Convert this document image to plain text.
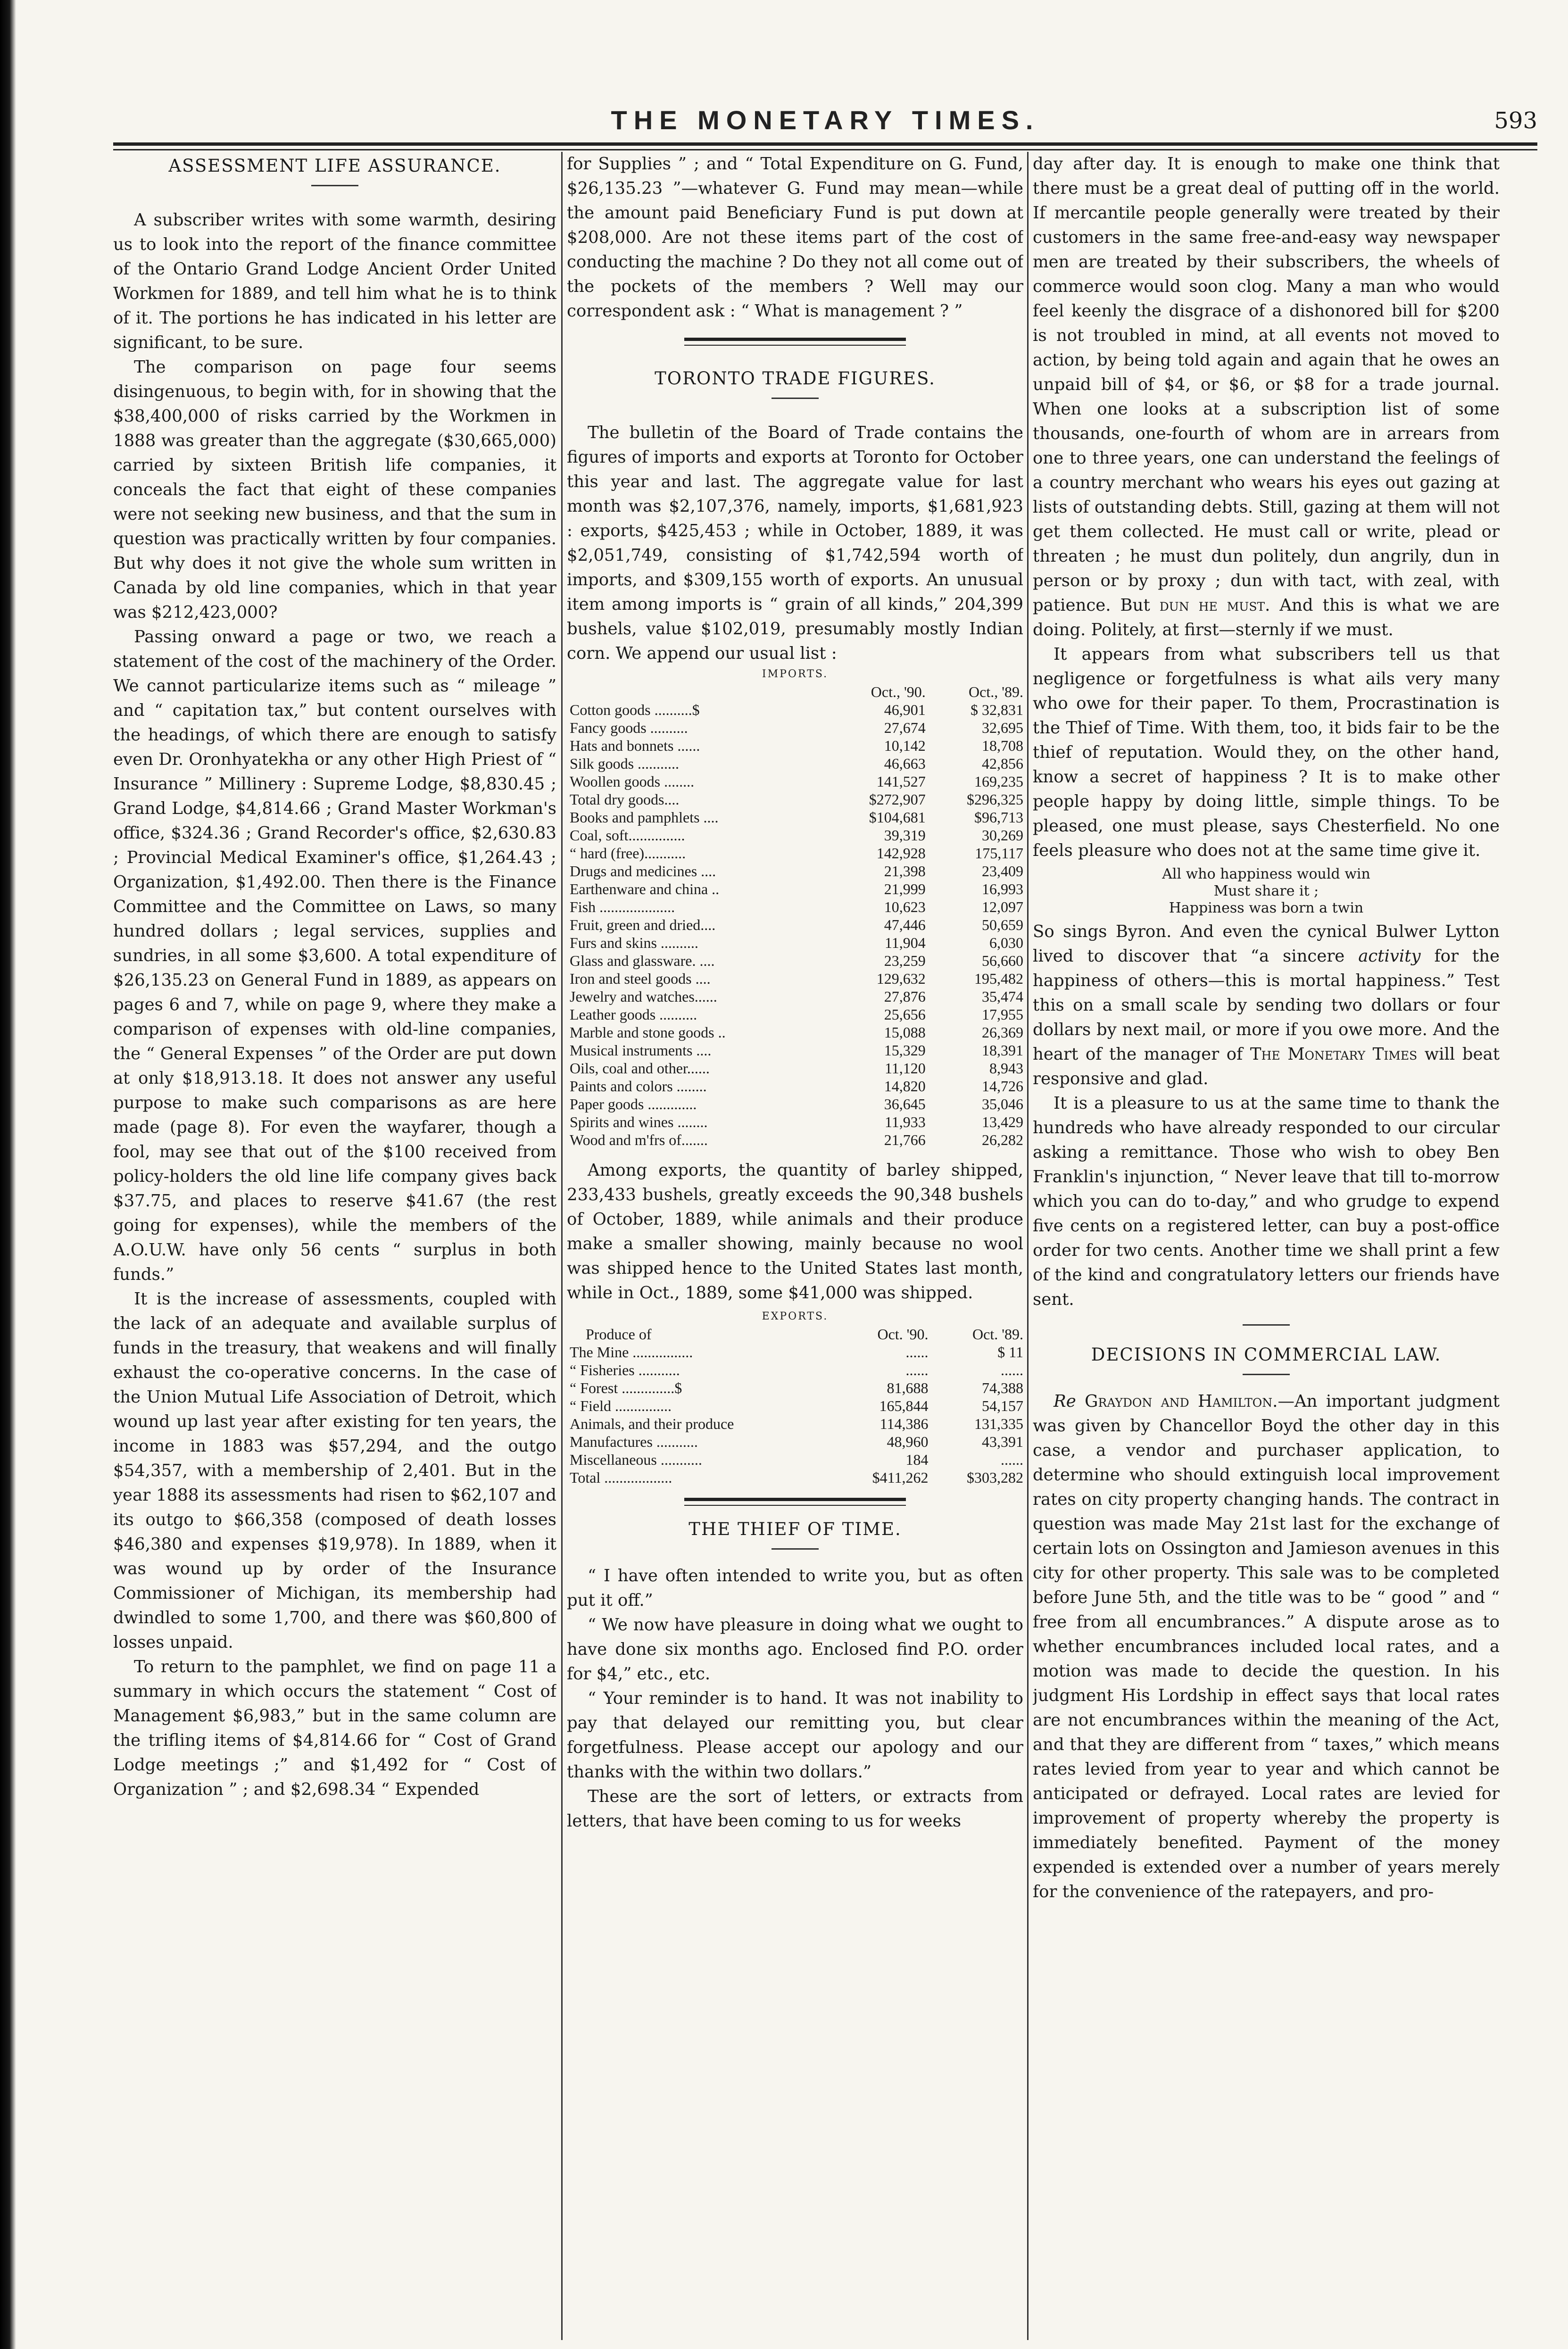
THE MONETARY TIMES.	593
ASSESSMENT LIFE ASSURANCE.

A subscriber writes with some warmth, desiring us to look into the report of the finance committee of the Ontario Grand Lodge Ancient Order United Workmen for 1889, and tell him what he is to think of it. The portions he has indicated in his letter are significant, to be sure.

The comparison on page four seems disingenuous, to begin with, for in showing that the $38,400,000 of risks carried by the Workmen in 1888 was greater than the aggregate ($30,665,000) carried by sixteen British life companies, it conceals the fact that eight of these companies were not seeking new business, and that the sum in question was practically written by four companies. But why does it not give the whole sum written in Canada by old line companies, which in that year was $212,423,000?

Passing onward a page or two, we reach a statement of the cost of the machinery of the Order. We cannot particularize items such as “ mileage ” and “ capitation tax,” but content ourselves with the headings, of which there are enough to satisfy even Dr. Oronhyatekha or any other High Priest of “ Insurance ” Millinery : Supreme Lodge, $8,830.45 ; Grand Lodge, $4,814.66 ; Grand Master Workman's office, $324.36 ; Grand Recorder's office, $2,630.83 ; Provincial Medical Examiner's office, $1,264.43 ; Organization, $1,492.00. Then there is the Finance Committee and the Committee on Laws, so many hundred dollars ; legal services, supplies and sundries, in all some $3,600. A total expenditure of $26,135.23 on General Fund in 1889, as appears on pages 6 and 7, while on page 9, where they make a comparison of expenses with old-line companies, the “ General Expenses ” of the Order are put down at only $18,913.18. It does not answer any useful purpose to make such comparisons as are here made (page 8). For even the wayfarer, though a fool, may see that out of the $100 received from policy-holders the old line life company gives back $37.75, and places to reserve $41.67 (the rest going for expenses), while the members of the A.O.U.W. have only 56 cents “ surplus in both funds.”

It is the increase of assessments, coupled with the lack of an adequate and available surplus of funds in the treasury, that weakens and will finally exhaust the co-operative concerns. In the case of the Union Mutual Life Association of Detroit, which wound up last year after existing for ten years, the income in 1883 was $57,294, and the outgo $54,357, with a membership of 2,401. But in the year 1888 its assessments had risen to $62,107 and its outgo to $66,358 (composed of death losses $46,380 and expenses $19,978). In 1889, when it was wound up by order of the Insurance Commissioner of Michigan, its membership had dwindled to some 1,700, and there was $60,800 of losses unpaid.

To return to the pamphlet, we find on page 11 a summary in which occurs the statement “ Cost of Management $6,983,” but in the same column are the trifling items of $4,814.66 for “ Cost of Grand Lodge meetings ;” and $1,492 for “ Cost of Organization ” ; and $2,698.34 “ Expended

for Supplies ” ; and “ Total Expenditure on G. Fund, $26,135.23 ”—whatever G. Fund may mean—while the amount paid Beneficiary Fund is put down at $208,000. Are not these items part of the cost of conducting the machine ? Do they not all come out of the pockets of the members ? Well may our correspondent ask : “ What is management ? ”

TORONTO TRADE FIGURES.

The bulletin of the Board of Trade contains the figures of imports and exports at Toronto for October this year and last. The aggregate value for last month was $2,107,376, namely, imports, $1,681,923 : exports, $425,453 ; while in October, 1889, it was $2,051,749, consisting of $1,742,594 worth of imports, and $309,155 worth of exports. An unusual item among imports is “ grain of all kinds,” 204,399 bushels, value $102,019, presumably mostly Indian corn. We append our usual list :

IMPORTS.
	Oct., '90.	Oct., '89.
Cotton goods ..........$	46,901	$ 32,831
Fancy goods ..........	27,674	32,695
Hats and bonnets ......	10,142	18,708
Silk goods ...........	46,663	42,856
Woollen goods ........	141,527	169,235
Total dry goods....	$272,907	$296,325
Books and pamphlets ....	$104,681	$96,713
Coal, soft...............	39,319	30,269
“ hard (free)...........	142,928	175,117
Drugs and medicines ....	21,398	23,409
Earthenware and china ..	21,999	16,993
Fish ....................	10,623	12,097
Fruit, green and dried....	47,446	50,659
Furs and skins ..........	11,904	6,030
Glass and glassware. ....	23,259	56,660
Iron and steel goods ....	129,632	195,482
Jewelry and watches......	27,876	35,474
Leather goods ..........	25,656	17,955
Marble and stone goods ..	15,088	26,369
Musical instruments ....	15,329	18,391
Oils, coal and other......	11,120	8,943
Paints and colors ........	14,820	14,726
Paper goods .............	36,645	35,046
Spirits and wines ........	11,933	13,429
Wood and m'frs of.......	21,766	26,282

Among exports, the quantity of barley shipped, 233,433 bushels, greatly exceeds the 90,348 bushels of October, 1889, while animals and their produce make a smaller showing, mainly because no wool was shipped hence to the United States last month, while in Oct., 1889, some $41,000 was shipped.

EXPORTS.
Produce of	Oct. '90.	Oct. '89.
The Mine ................	......	$ 11
“ Fisheries ...........	......	......
“ Forest ..............$	81,688	74,388
“ Field ...............	165,844	54,157
Animals, and their produce	114,386	131,335
Manufactures ...........	48,960	43,391
Miscellaneous ...........	184	......
Total ..................	$411,262	$303,282
THE THIEF OF TIME.

“ I have often intended to write you, but as often put it off.”

“ We now have pleasure in doing what we ought to have done six months ago. Enclosed find P.O. order for $4,” etc., etc.

“ Your reminder is to hand. It was not inability to pay that delayed our remitting you, but clear forgetfulness. Please accept our apology and our thanks with the within two dollars.”

These are the sort of letters, or extracts from letters, that have been coming to us for weeks

day after day. It is enough to make one think that there must be a great deal of putting off in the world. If mercantile people generally were treated by their customers in the same free-and-easy way newspaper men are treated by their subscribers, the wheels of commerce would soon clog. Many a man who would feel keenly the disgrace of a dishonored bill for $200 is not troubled in mind, at all events not moved to action, by being told again and again that he owes an unpaid bill of $4, or $6, or $8 for a trade journal. When one looks at a subscription list of some thousands, one-fourth of whom are in arrears from one to three years, one can understand the feelings of a country merchant who wears his eyes out gazing at lists of outstanding debts. Still, gazing at them will not get them collected. He must call or write, plead or threaten ; he must dun politely, dun angrily, dun in person or by proxy ; dun with tact, with zeal, with patience. But dun he must. And this is what we are doing. Politely, at first—sternly if we must.

It appears from what subscribers tell us that negligence or forgetfulness is what ails very many who owe for their paper. To them, Procrastination is the Thief of Time. With them, too, it bids fair to be the thief of reputation. Would they, on the other hand, know a secret of happiness ? It is to make other people happy by doing little, simple things. To be pleased, one must please, says Chesterfield. No one feels pleasure who does not at the same time give it.

All who happiness would win
Must share it ;
Happiness was born a twin

So sings Byron. And even the cynical Bulwer Lytton lived to discover that “a sincere activity for the happiness of others—this is mortal happiness.” Test this on a small scale by sending two dollars or four dollars by next mail, or more if you owe more. And the heart of the manager of The Monetary Times will beat responsive and glad.

It is a pleasure to us at the same time to thank the hundreds who have already responded to our circular asking a remittance. Those who wish to obey Ben Franklin's injunction, “ Never leave that till to-morrow which you can do to-day,” and who grudge to expend five cents on a registered letter, can buy a post-office order for two cents. Another time we shall print a few of the kind and congratulatory letters our friends have sent.

DECISIONS IN COMMERCIAL LAW.

Re Graydon and Hamilton.—An important judgment was given by Chancellor Boyd the other day in this case, a vendor and purchaser application, to determine who should extinguish local improvement rates on city property changing hands. The contract in question was made May 21st last for the exchange of certain lots on Ossington and Jamieson avenues in this city for other property. This sale was to be completed before June 5th, and the title was to be “ good ” and “ free from all encumbrances.” A dispute arose as to whether encumbrances included local rates, and a motion was made to decide the question. In his judgment His Lordship in effect says that local rates are not encumbrances within the meaning of the Act, and that they are different from “ taxes,” which means rates levied from year to year and which cannot be anticipated or defrayed. Local rates are levied for improvement of property whereby the property is immediately benefited. Payment of the money expended is extended over a number of years merely for the convenience of the ratepayers, and pro-
